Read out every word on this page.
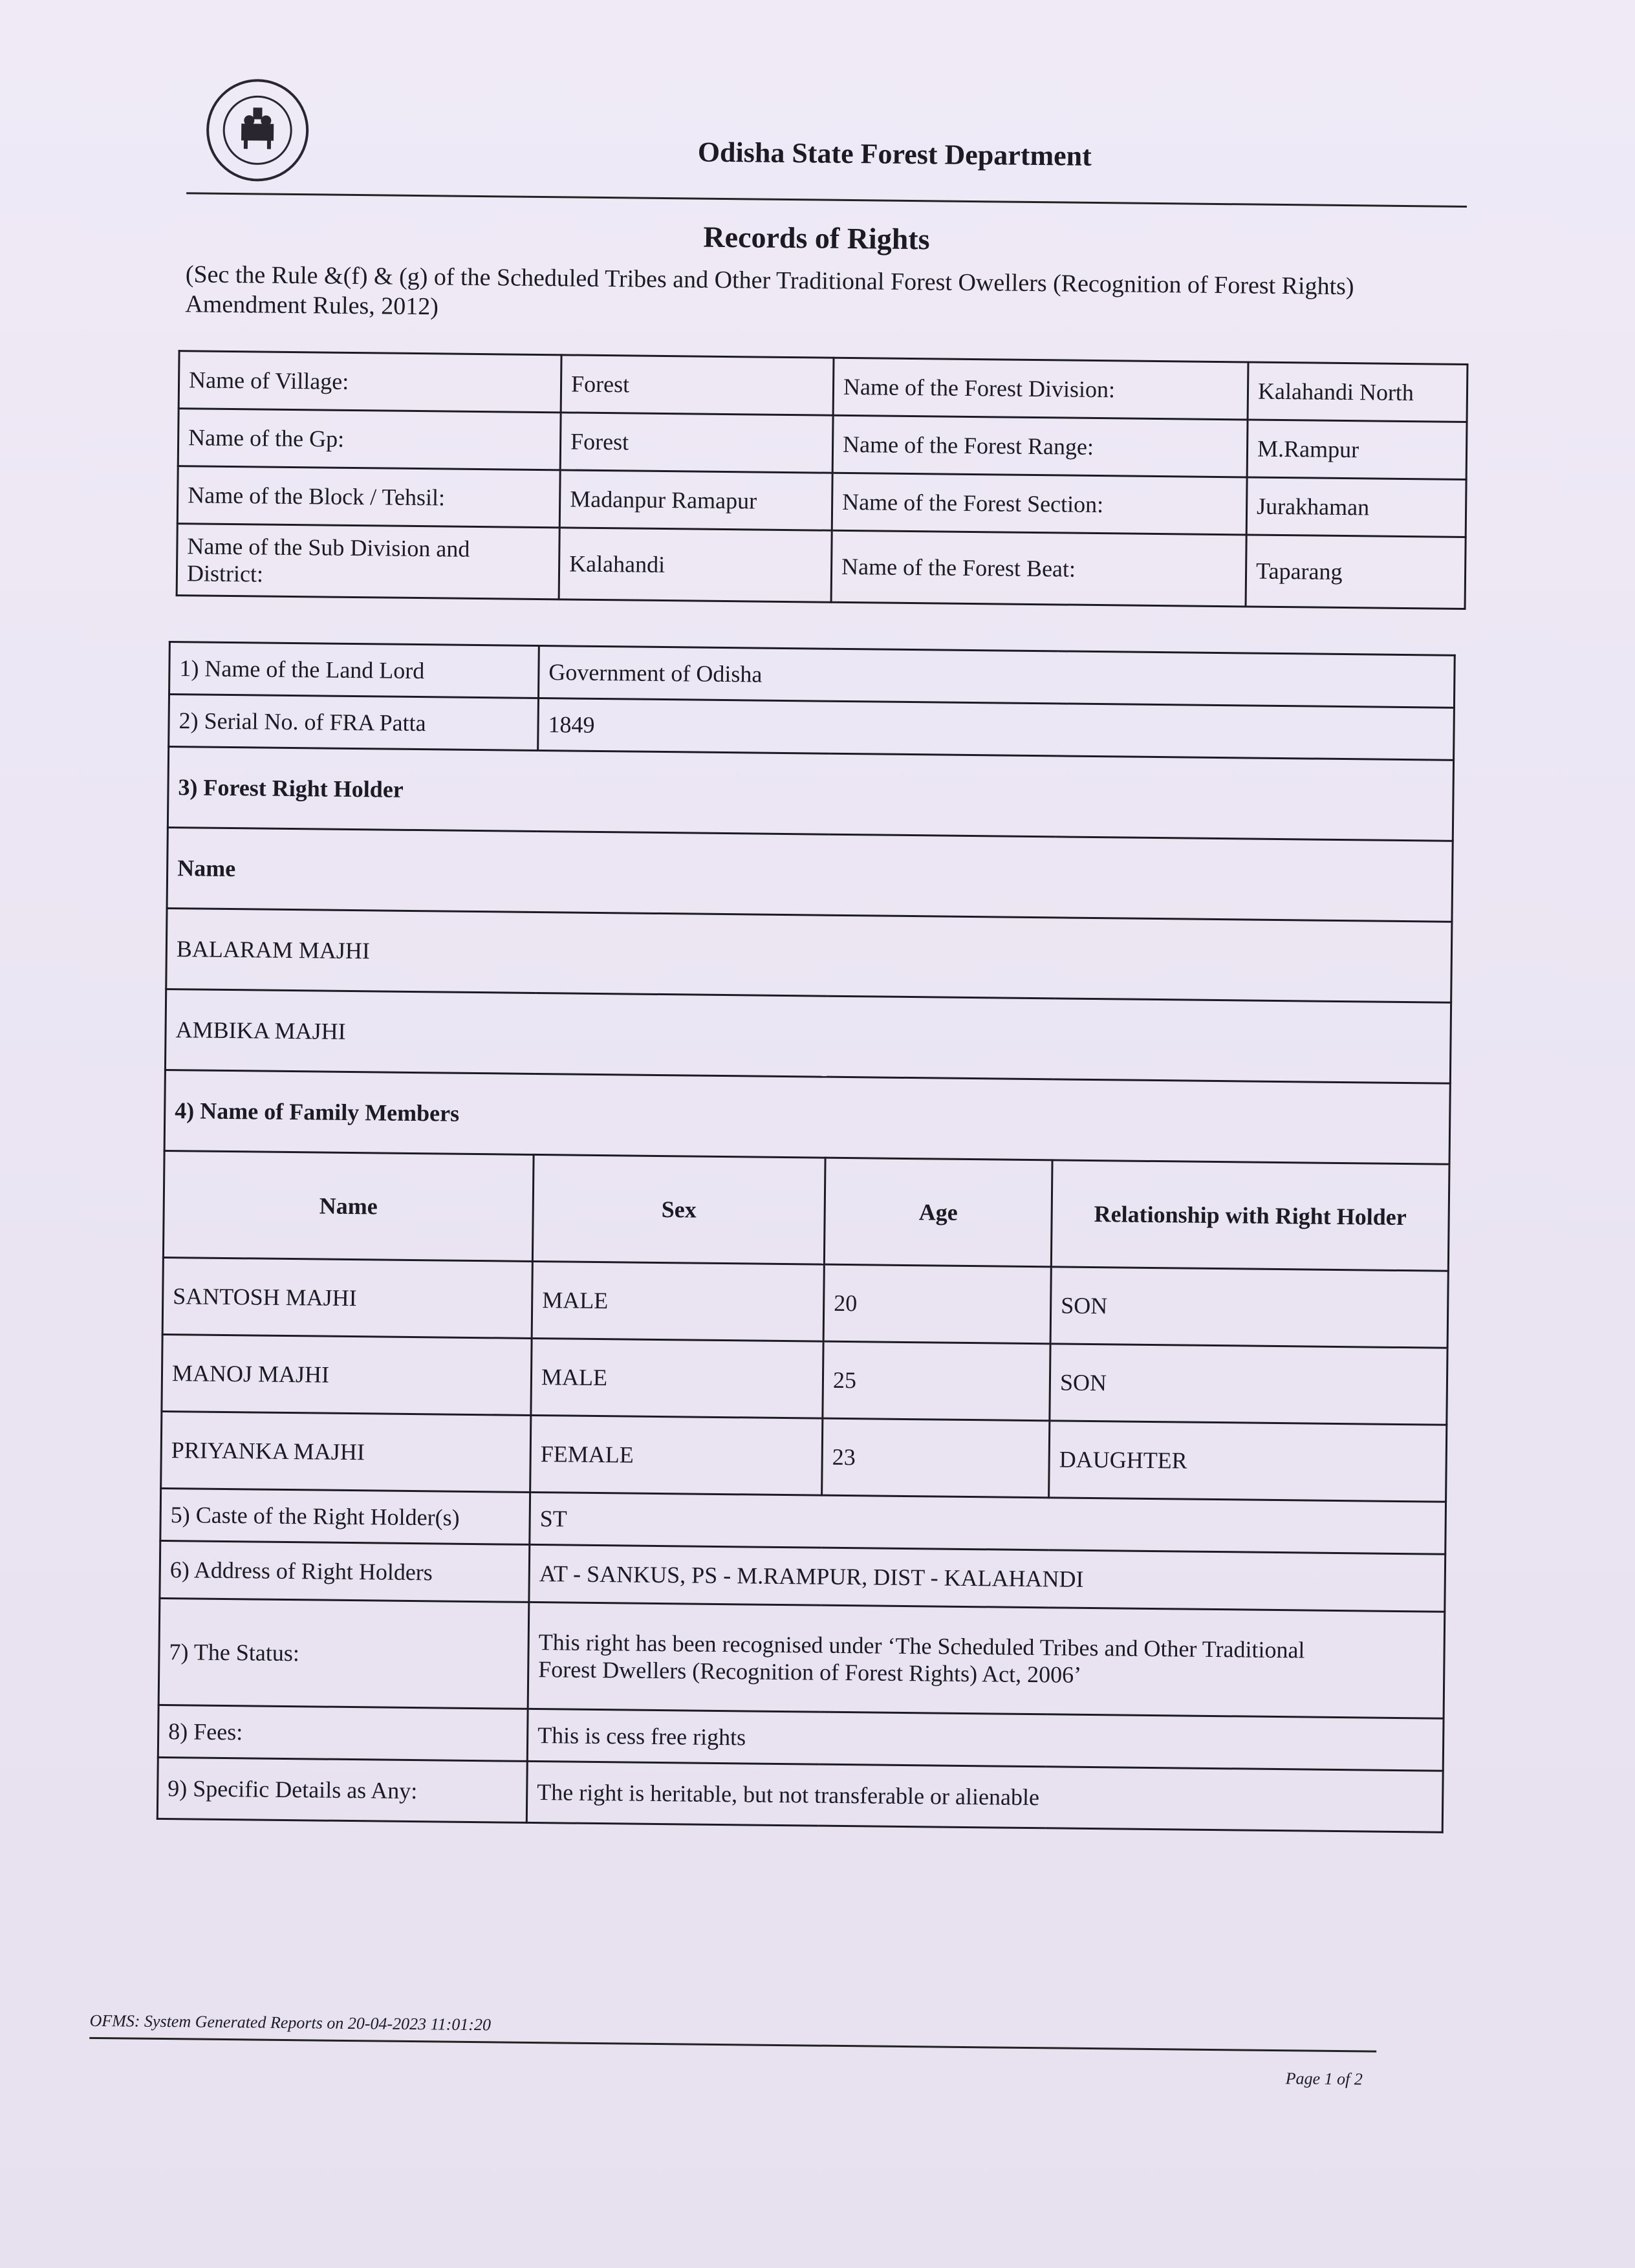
Odisha State Forest Department
Records of Rights
(Sec the Rule &(f) & (g) of the Scheduled Tribes and Other Traditional Forest Owellers (Recognition of Forest Rights) Amendment Rules, 2012)
Name of Village:	Forest	Name of the Forest Division:	Kalahandi North
Name of the Gp:	Forest	Name of the Forest Range:	M.Rampur
Name of the Block / Tehsil:	Madanpur Ramapur	Name of the Forest Section:	Jurakhaman
Name of the Sub Division and District:	Kalahandi	Name of the Forest Beat:	Taparang
1) Name of the Land Lord	Government of Odisha		
2) Serial No. of FRA Patta	1849		
3) Forest Right Holder			
Name			
BALARAM MAJHI			
AMBIKA MAJHI			
4) Name of Family Members			
Name	Sex	Age	Relationship with Right Holder
SANTOSH MAJHI	MALE	20	SON
MANOJ MAJHI	MALE	25	SON
PRIYANKA MAJHI	FEMALE	23	DAUGHTER
5) Caste of the Right Holder(s)	ST		
6) Address of Right Holders	AT - SANKUS, PS - M.RAMPUR, DIST - KALAHANDI		
7) The Status:	This right has been recognised under ‘The Scheduled Tribes and Other Traditional
Forest Dwellers (Recognition of Forest Rights) Act, 2006’		

8) Fees:	This is cess free rights		
9) Specific Details as Any:	The right is heritable, but not transferable or alienable		
OFMS: System Generated Reports on 20-04-2023 11:01:20
Page 1 of 2
